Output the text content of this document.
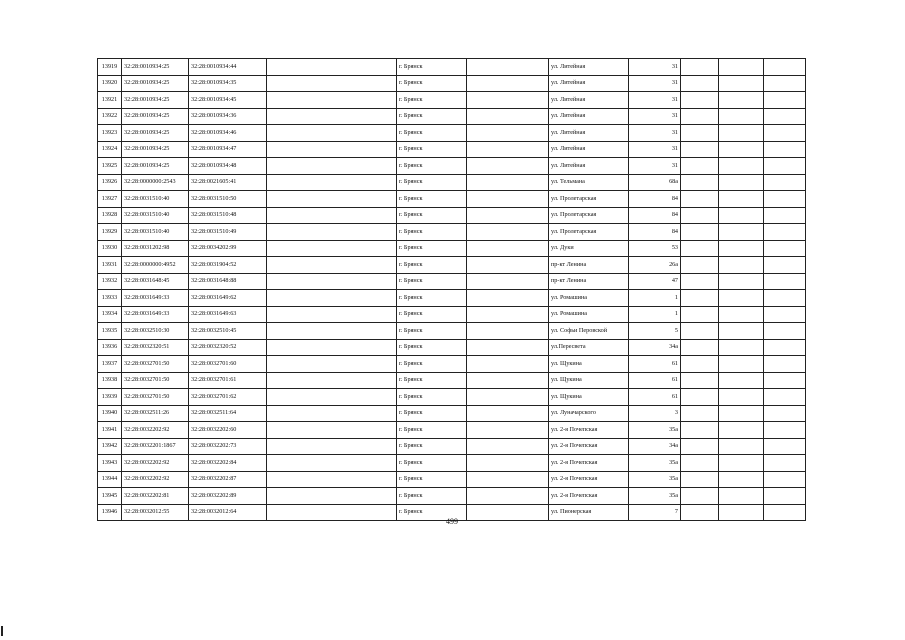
13919	32:28:0010934:25	32:28:0010934:44		г. Брянск		ул. Литейная	31			
13920	32:28:0010934:25	32:28:0010934:35		г. Брянск		ул. Литейная	31			
13921	32:28:0010934:25	32:28:0010934:45		г. Брянск		ул. Литейная	31			
13922	32:28:0010934:25	32:28:0010934:36		г. Брянск		ул. Литейная	31			
13923	32:28:0010934:25	32:28:0010934:46		г. Брянск		ул. Литейная	31			
13924	32:28:0010934:25	32:28:0010934:47		г. Брянск		ул. Литейная	31			
13925	32:28:0010934:25	32:28:0010934:48		г. Брянск		ул. Литейная	31			
13926	32:28:0000000:2543	32:28:0021605:41		г. Брянск		ул. Тельмана	68а			
13927	32:28:0031510:40	32:28:0031510:50		г. Брянск		ул. Пролетарская	84			
13928	32:28:0031510:40	32:28:0031510:48		г. Брянск		ул. Пролетарская	84			
13929	32:28:0031510:40	32:28:0031510:49		г. Брянск		ул. Пролетарская	84			
13930	32:28:0031202:98	32:28:0034202:99		г. Брянск		ул. Дуки	53			
13931	32:28:0000000:4952	32:28:0031904:52		г. Брянск		пр-кт Ленина	26а			
13932	32:28:0031648:45	32:28:0031648:88		г. Брянск		пр-кт Ленина	47			
13933	32:28:0031649:33	32:28:0031649:62		г. Брянск		ул. Ромашина	1			
13934	32:28:0031649:33	32:28:0031649:63		г. Брянск		ул. Ромашина	1			
13935	32:28:0032510:30	32:28:0032510:45		г. Брянск		ул. Софьи Перовской	5			
13936	32:28:0032320:51	32:28:0032320:52		г. Брянск		ул.Пересвета	34а			
13937	32:28:0032701:50	32:28:0032701:60		г. Брянск		ул. Щукина	61			
13938	32:28:0032701:50	32:28:0032701:61		г. Брянск		ул. Щукина	61			
13939	32:28:0032701:50	32:28:0032701:62		г. Брянск		ул. Щукина	61			
13940	32:28:0032511:26	32:28:0032511:64		г. Брянск		ул. Луначарского	3			
13941	32:28:0032202:92	32:28:0032202:60		г. Брянск		ул. 2-я Почепская	35а			
13942	32:28:0032201:1867	32:28:0032202:73		г. Брянск		ул. 2-я Почепская	34а			
13943	32:28:0032202:92	32:28:0032202:84		г. Брянск		ул. 2-я Почепская	35а			
13944	32:28:0032202:92	32:28:0032202:87		г. Брянск		ул. 2-я Почепская	35а			
13945	32:28:0032202:81	32:28:0032202:89		г. Брянск		ул. 2-я Почепская	35а			
13946	32:28:0032012:55	32:28:0032012:64		г. Брянск		ул. Пионерская	7			
499
